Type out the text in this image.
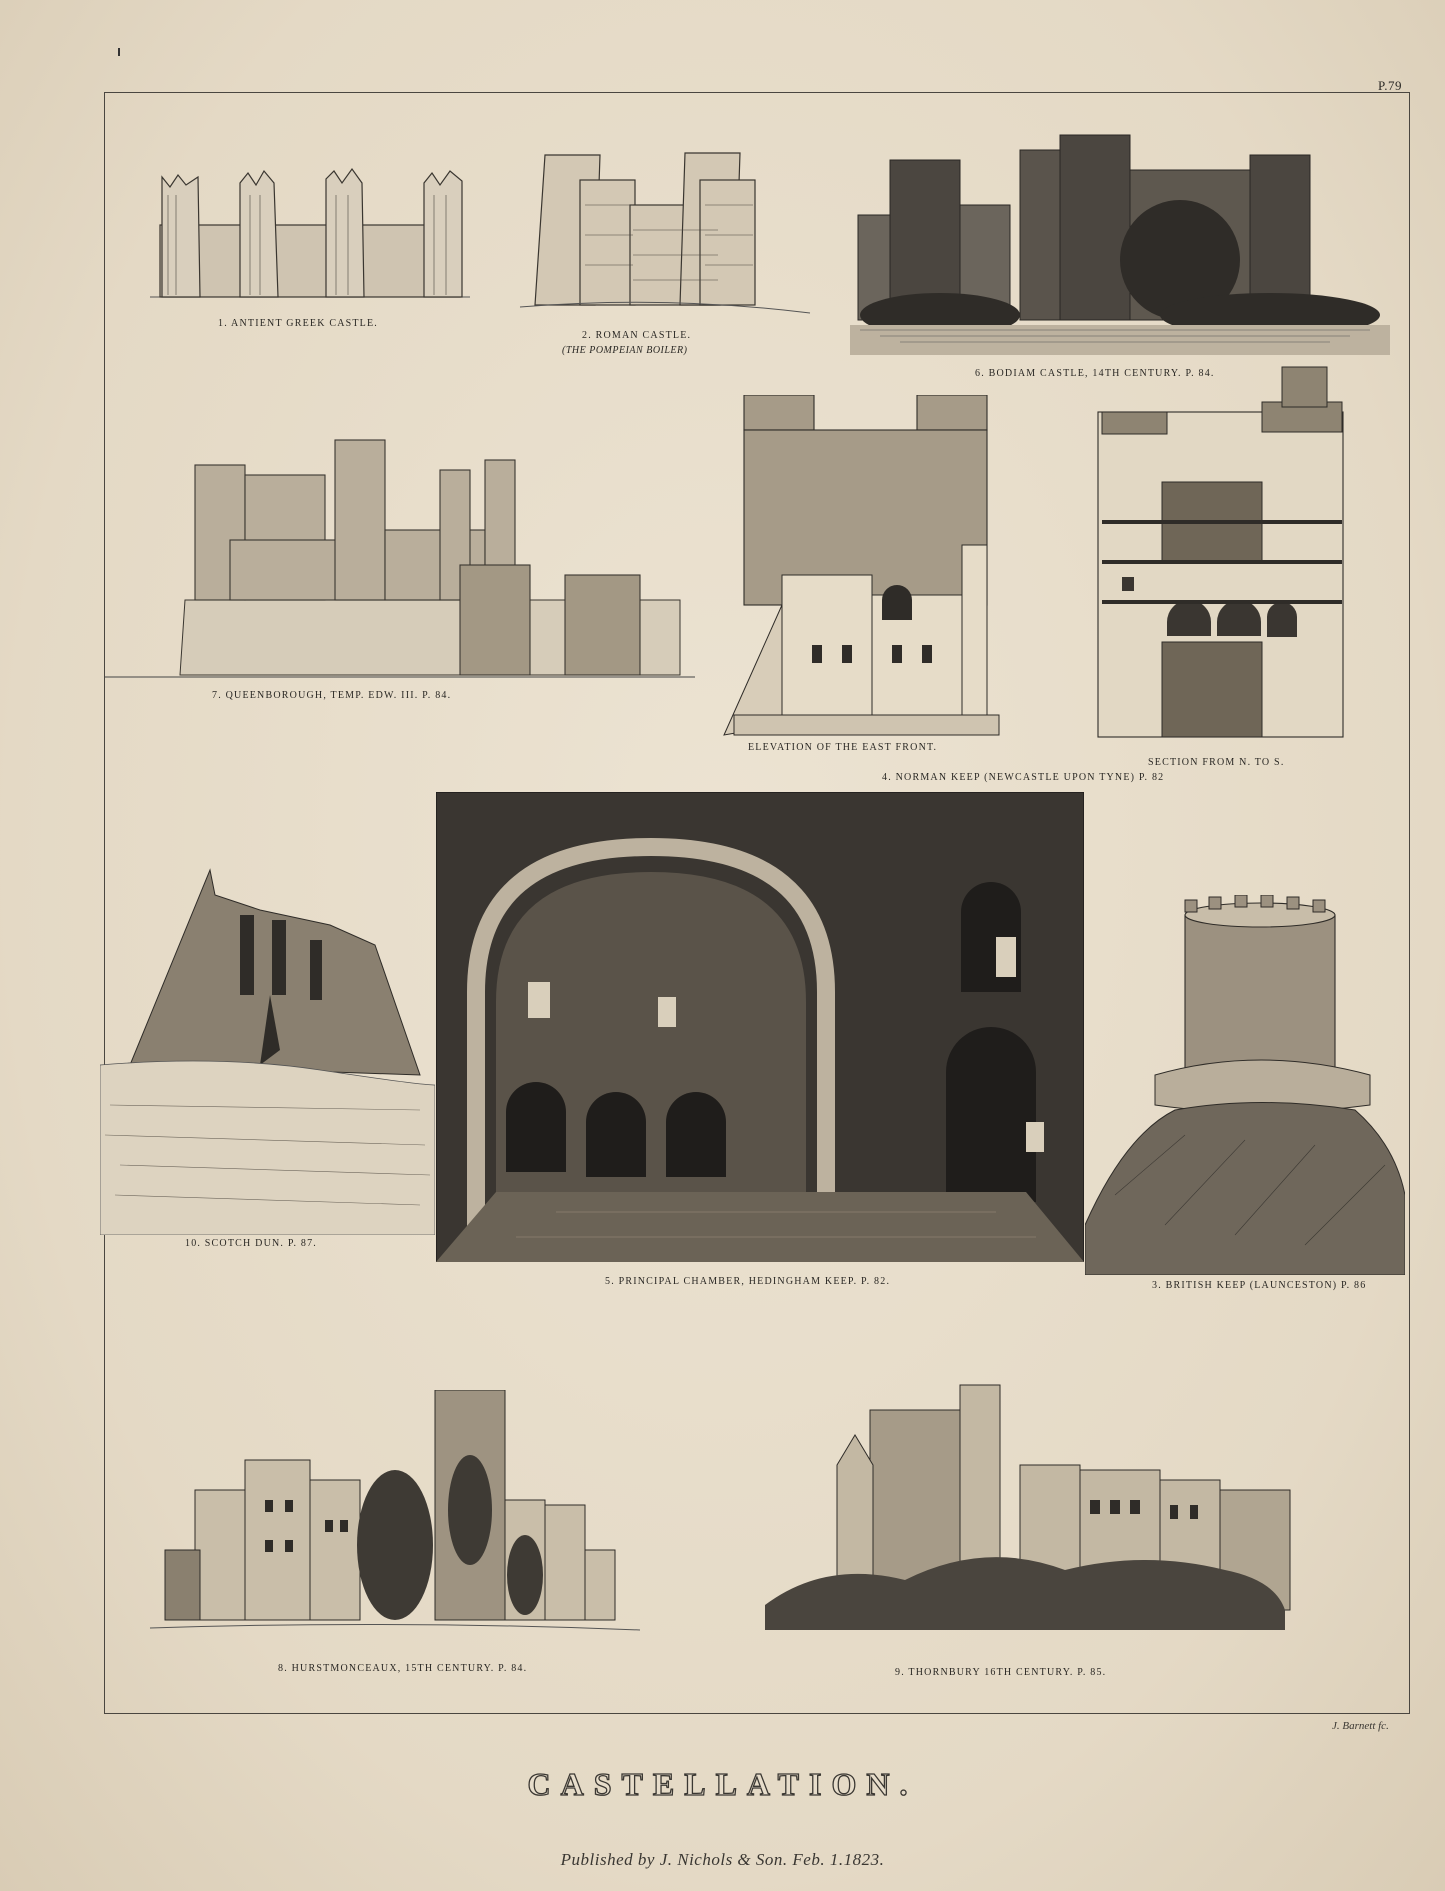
P.79
1. ANTIENT GREEK CASTLE.
2. ROMAN CASTLE.
(THE POMPEIAN BOILER)
6. BODIAM CASTLE, 14TH CENTURY. P. 84.
7. QUEENBOROUGH, TEMP. EDW. III. P. 84.
ELEVATION OF THE EAST FRONT.
SECTION FROM N. TO S.
4. NORMAN KEEP (NEWCASTLE UPON TYNE) P. 82
10. SCOTCH DUN. P. 87.
5. PRINCIPAL CHAMBER, HEDINGHAM KEEP. P. 82.	3. BRITISH KEEP (LAUNCESTON) P. 86
8. HURSTMONCEAUX, 15TH CENTURY. P. 84.	9. THORNBURY 16TH CENTURY. P. 85.
J. Barnett fc.
CASTELLATION.
Published by J. Nichols & Son. Feb. 1.1823.
